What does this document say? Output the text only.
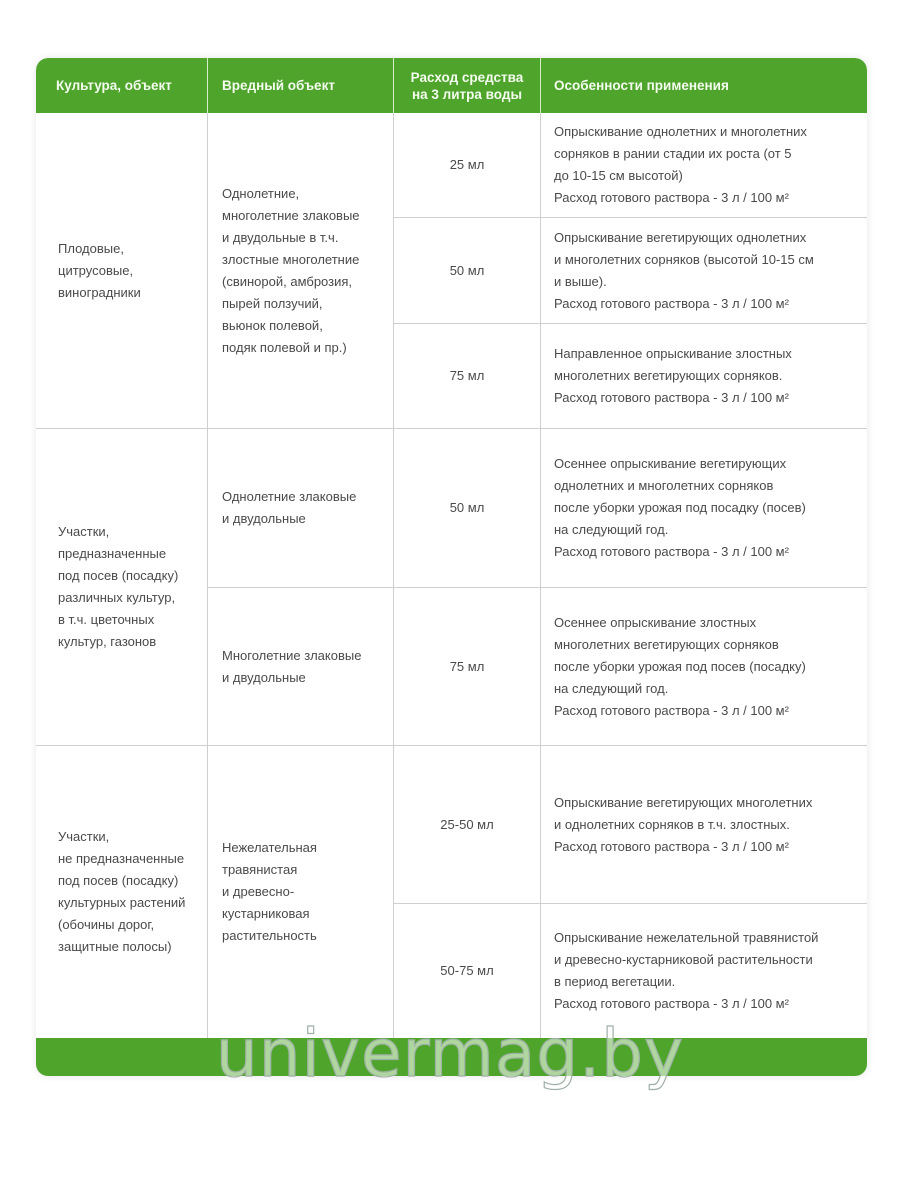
Культура, объект	Вредный объект
Расход средства
на 3 литра воды
Особенности применения
Плодовые,
цитрусовые,
виноградники
Однолетние,
многолетние злаковые
и двудольные в т.ч.
злостные многолетние
(свинорой, амброзия,
пырей ползучий,
вьюнок полевой,
подяк полевой и пр.)
25 мл
Опрыскивание однолетних и многолетних
сорняков в рании стадии их роста (от 5
до 10-15 см высотой)
Расход готового раствора - 3 л / 100 м²
50 мл
Опрыскивание вегетирующих однолетних
и многолетних сорняков (высотой 10-15 см
и выше).
Расход готового раствора - 3 л / 100 м²
75 мл
Направленное опрыскивание злостных
многолетних вегетирующих сорняков.
Расход готового раствора - 3 л / 100 м²
Участки,
предназначенные
под посев (посадку)
различных культур,
в т.ч. цветочных
культур, газонов
Однолетние злаковые
и двудольные
50 мл
Осеннее опрыскивание вегетирующих
однолетних и многолетних сорняков
после уборки урожая под посадку (посев)
на следующий год.
Расход готового раствора - 3 л / 100 м²
Многолетние злаковые
и двудольные
75 мл
Осеннее опрыскивание злостных
многолетних вегетирующих сорняков
после уборки урожая под посев (посадку)
на следующий год.
Расход готового раствора - 3 л / 100 м²
Участки,
не предназначенные
под посев (посадку)
культурных растений
(обочины дорог,
защитные полосы)
Нежелательная
травянистая
и древесно-
кустарниковая
растительность
25-50 мл
Опрыскивание вегетирующих многолетних
и однолетних сорняков в т.ч. злостных.
Расход готового раствора - 3 л / 100 м²
50-75 мл
Опрыскивание нежелательной травянистой
и древесно-кустарниковой растительности
в период вегетации.
Расход готового раствора - 3 л / 100 м²
univermag.by
